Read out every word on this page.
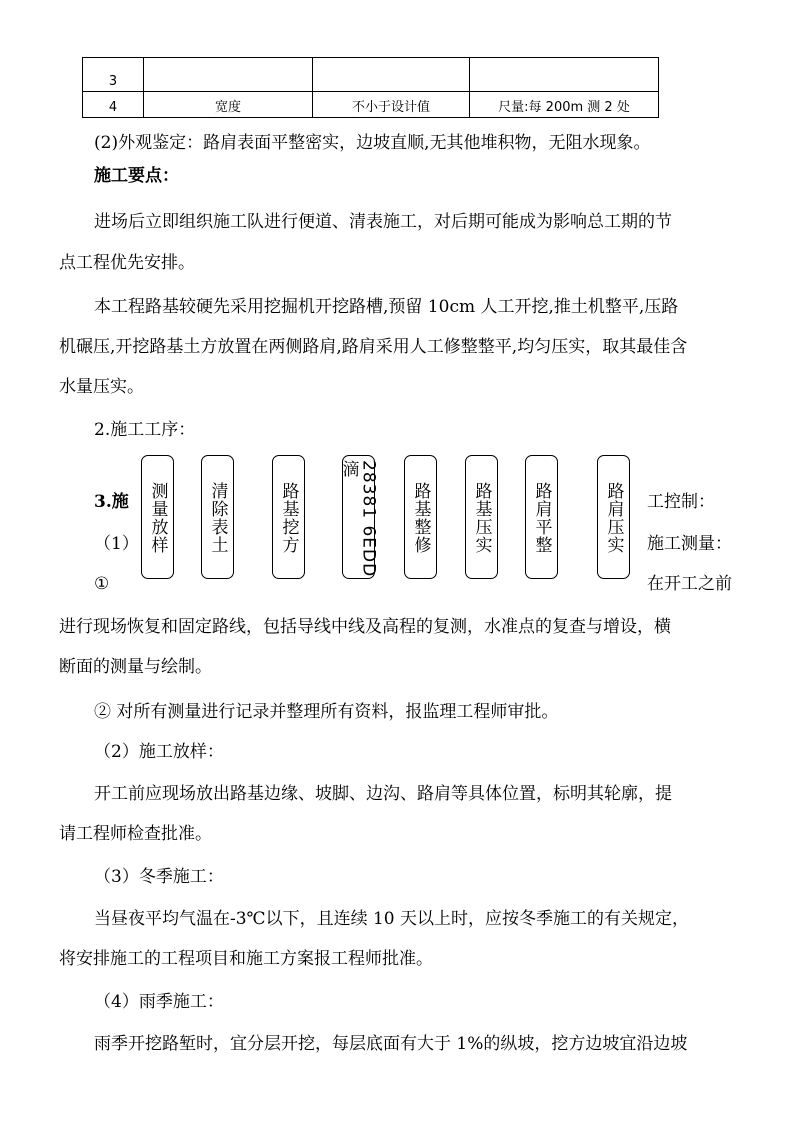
3			
4	宽度	不小于设计值	尺量:每 200m 测 2 处
(2)外观鉴定：路肩表面平整密实，边坡直顺,无其他堆积物，无阻水现象。
施工要点：
进场后立即组织施工队进行便道、清表施工，对后期可能成为影响总工期的节
点工程优先安排。
本工程路基较硬先采用挖掘机开挖路槽,预留 10cm 人工开挖,推土机整平,压路
机碾压,开挖路基土方放置在两侧路肩,路肩采用人工修整整平,均匀压实，取其最佳含
水量压实。
2.施工工序：
测量放样 清除表土	路基挖方	28381 6EDD 滴
路基整修 路基压实 路肩平整	路肩压实
3.施	工控制：
（1）	施工测量：
①	在开工之前
进行现场恢复和固定路线，包括导线中线及高程的复测，水准点的复查与增设，横
断面的测量与绘制。
② 对所有测量进行记录并整理所有资料，报监理工程师审批。
（2）施工放样：
开工前应现场放出路基边缘、坡脚、边沟、路肩等具体位置，标明其轮廓，提
请工程师检查批准。
（3）冬季施工：
当昼夜平均气温在-3℃以下，且连续 10 天以上时，应按冬季施工的有关规定，
将安排施工的工程项目和施工方案报工程师批准。
（4）雨季施工：
雨季开挖路堑时，宜分层开挖，每层底面有大于 1%的纵坡，挖方边坡宜沿边坡
